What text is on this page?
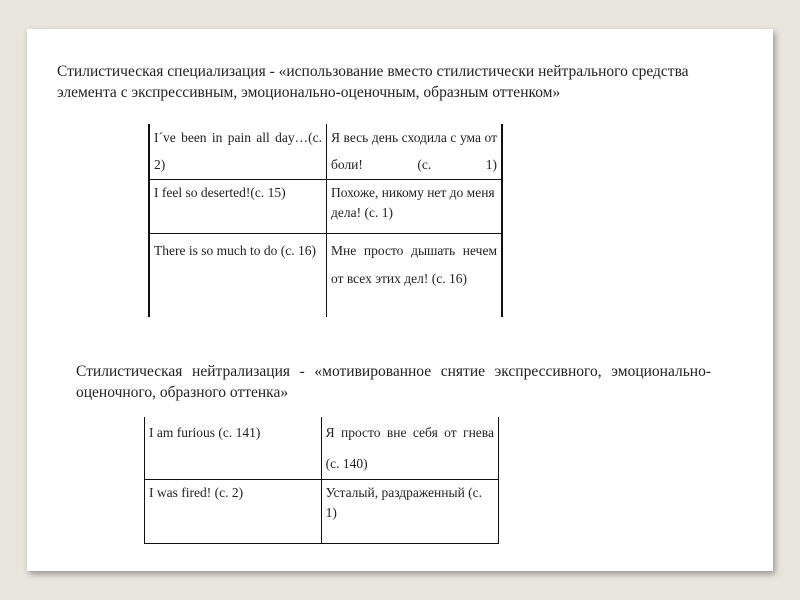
Стилистическая специализация - «использование вместо стилистически нейтрального средства элемента с экспрессивным, эмоционально-оценочным, образным оттенком»
I´ve been in pain all day…(с. 2)	Я весь день сходила с ума от боли! (с. 1)
I feel so deserted!(с. 15)	Похоже, никому нет до меня дела! (с. 1)
There is so much to do (с. 16)	Мне просто дышать нечем от всех этих дел! (с. 16)
Стилистическая нейтрализация - «мотивированное снятие экспрессивного, эмоционально-оценочного, образного оттенка»
I am furious (с. 141)	Я просто вне себя от гнева (с. 140)
I was fired! (с. 2)	Усталый, раздраженный (с. 1)
